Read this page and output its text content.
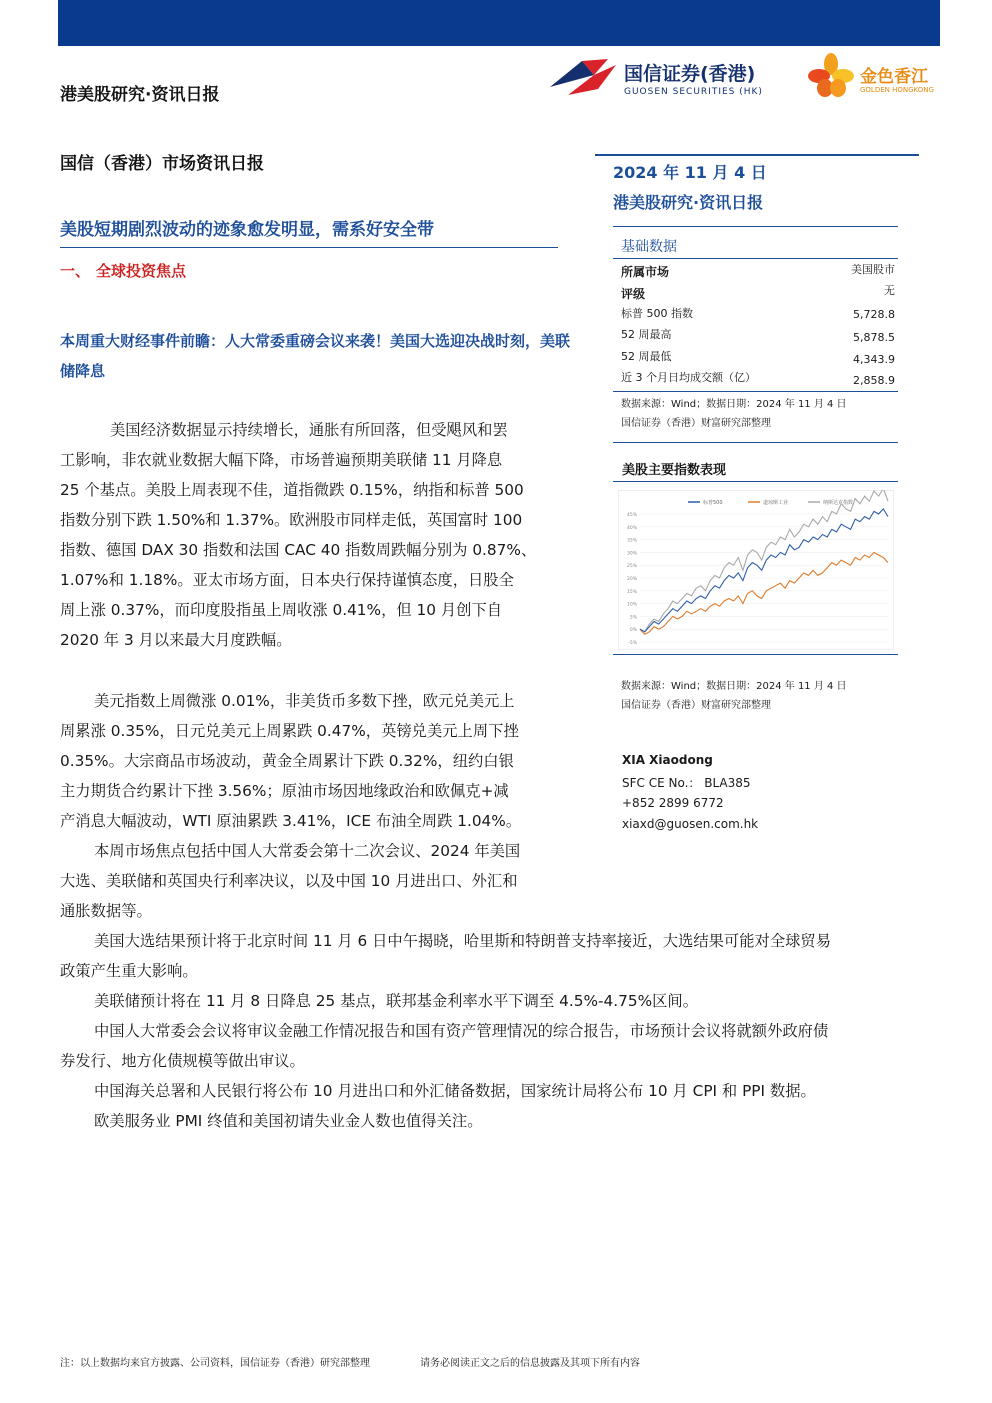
港美股研究·资讯日报
国信证券(香港)
GUOSEN SECURITIES (HK)
金色香江
GOLDEN HONGKONG
国信（香港）市场资讯日报
美股短期剧烈波动的迹象愈发明显，需系好安全带
一、 全球投资焦点
本周重大财经事件前瞻：人大常委重磅会议来袭！美国大选迎决战时刻，美联储降息
美国经济数据显示持续增长，通胀有所回落，但受飓风和罢
工影响，非农就业数据大幅下降，市场普遍预期美联储 11 月降息
25 个基点。美股上周表现不佳，道指微跌 0.15%，纳指和标普 500
指数分别下跌 1.50%和 1.37%。欧洲股市同样走低，英国富时 100
指数、德国 DAX 30 指数和法国 CAC 40 指数周跌幅分别为 0.87%、
1.07%和 1.18%。亚太市场方面，日本央行保持谨慎态度，日股全
周上涨 0.37%，而印度股指虽上周收涨 0.41%，但 10 月创下自
2020 年 3 月以来最大月度跌幅。
美元指数上周微涨 0.01%，非美货币多数下挫，欧元兑美元上
周累涨 0.35%，日元兑美元上周累跌 0.47%，英镑兑美元上周下挫
0.35%。大宗商品市场波动，黄金全周累计下跌 0.32%，纽约白银
主力期货合约累计下挫 3.56%；原油市场因地缘政治和欧佩克+减
产消息大幅波动，WTI 原油累跌 3.41%，ICE 布油全周跌 1.04%。
本周市场焦点包括中国人大常委会第十二次会议、2024 年美国
大选、美联储和英国央行利率决议，以及中国 10 月进出口、外汇和
通胀数据等。
美国大选结果预计将于北京时间 11 月 6 日中午揭晓，哈里斯和特朗普支持率接近，大选结果可能对全球贸易
政策产生重大影响。
美联储预计将在 11 月 8 日降息 25 基点，联邦基金利率水平下调至 4.5%-4.75%区间。
中国人大常委会会议将审议金融工作情况报告和国有资产管理情况的综合报告，市场预计会议将就额外政府债
券发行、地方化债规模等做出审议。
中国海关总署和人民银行将公布 10 月进出口和外汇储备数据，国家统计局将公布 10 月 CPI 和 PPI 数据。
欧美服务业 PMI 终值和美国初请失业金人数也值得关注。
2024 年 11 月 4 日
港美股研究·资讯日报
基础数据
所属市场	美国股市
评级	无
标普 500 指数	5,728.8
52 周最高	5,878.5
52 周最低	4,343.9
近 3 个月日均成交额（亿）	2,858.9
数据来源：Wind；数据日期：2024 年 11 月 4 日
国信证券（香港）财富研究部整理
美股主要指数表现
45%
40%
35%
30%
25%
20%
15%
10%
5%
0%
-5%
标普500	道琼斯工业	纳斯达克指数
数据来源：Wind；数据日期：2024 年 11 月 4 日
国信证券（香港）财富研究部整理
XIA Xiaodong
SFC CE No.： BLA385
+852 2899 6772
xiaxd@guosen.com.hk
注：以上数据均来官方披露、公司资料，国信证券（香港）研究部整理	请务必阅读正文之后的信息披露及其项下所有内容
